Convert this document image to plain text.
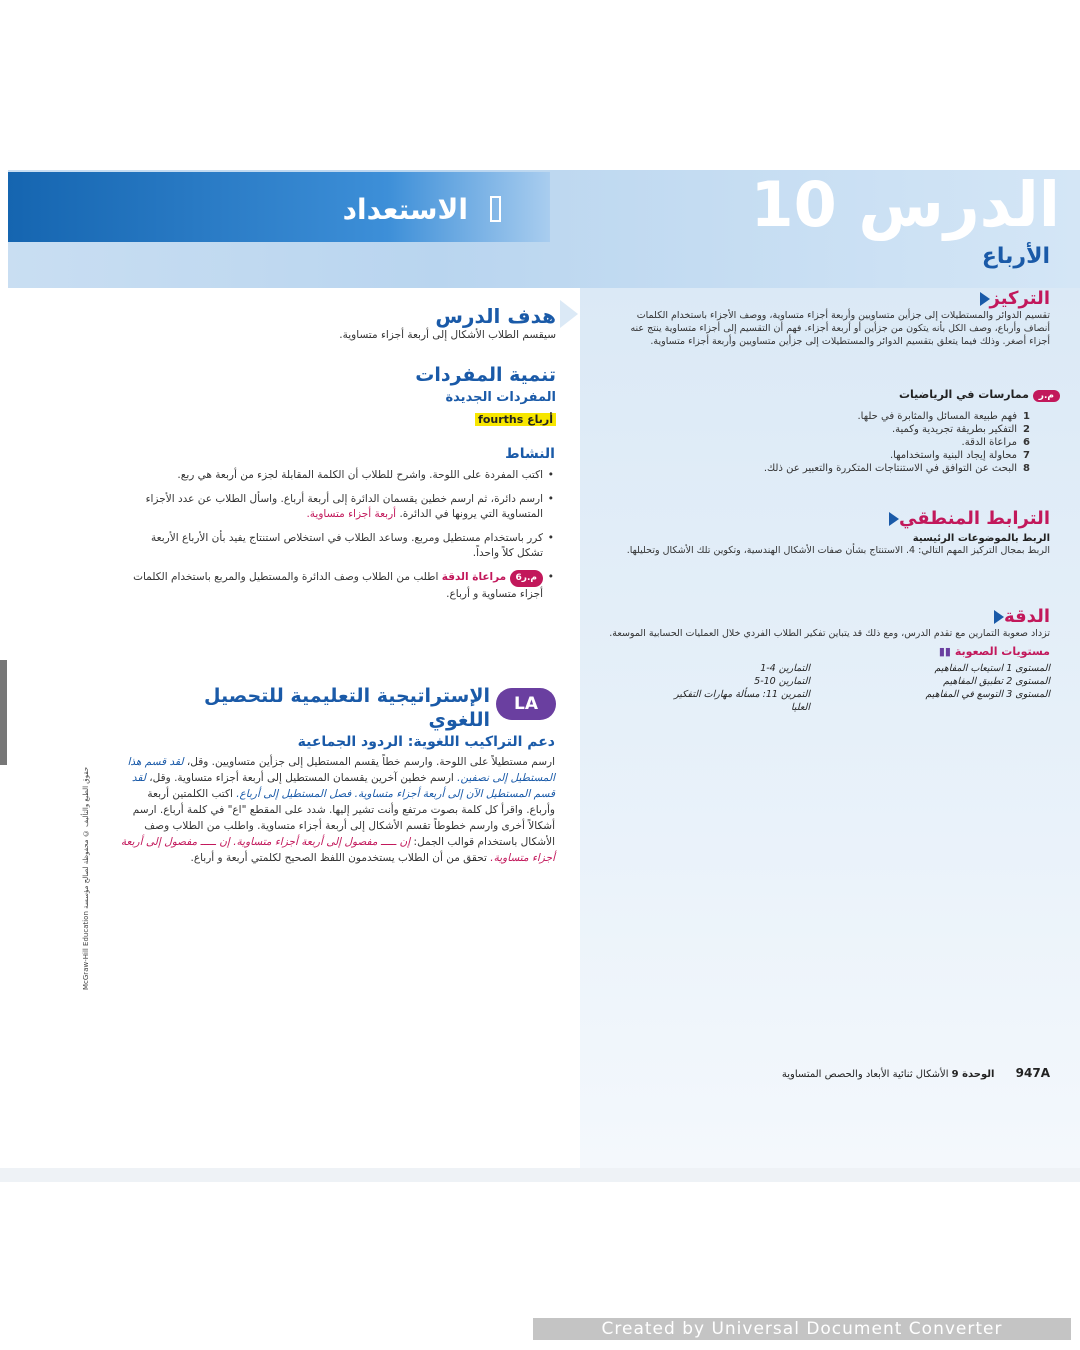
الاستعداد	الدرس 10
الأرباع
هدف الدرس
سيقسم الطلاب الأشكال إلى أربعة أجزاء متساوية.
تنمية المفردات
المفردات الجديدة
أرباع fourths
النشاط
• اكتب المفردة على اللوحة. واشرح للطلاب أن الكلمة المقابلة لجزء من أربعة هي ربع.
• ارسم دائرة، ثم ارسم خطين يقسمان الدائرة إلى أربعة أرباع. واسأل الطلاب عن عدد الأجزاء المتساوية التي يرونها في الدائرة. أربعة أجزاء متساوية.
• كرر باستخدام مستطيل ومربع. وساعد الطلاب في استخلاص استنتاج يفيد بأن الأرباع الأربعة تشكل كلاً واحداً.
• م.ر6 مراعاة الدقة اطلب من الطلاب وصف الدائرة والمستطيل والمربع باستخدام الكلمات أجزاء متساوية و أرباع.
LA
الإستراتيجية التعليمية للتحصيل اللغوي
دعم التراكيب اللغوية: الردود الجماعية
ارسم مستطيلاً على اللوحة. وارسم خطاً يقسم المستطيل إلى جزأين متساويين. وقل، لقد قسم هذا المستطيل إلى نصفين. ارسم خطين آخرين يقسمان المستطيل إلى أربعة أجزاء متساوية. وقل، لقد قسم المستطيل الآن إلى أربعة أجزاء متساوية. فصل المستطيل إلى أرباع. اكتب الكلمتين أربعة وأرباع. واقرأ كل كلمة بصوت مرتفع وأنت تشير إليها. شدد على المقطع "اع" في كلمة أرباع. ارسم أشكالاً أخرى وارسم خطوطاً تقسم الأشكال إلى أربعة أجزاء متساوية. واطلب من الطلاب وصف الأشكال باستخدام قوالب الجمل: إن ـــــ مفصول إلى أربعة أجزاء متساوية. إن ـــــ مفصول إلى أربعة أجزاء متساوية. تحقق من أن الطلاب يستخدمون اللفظ الصحيح لكلمتي أربعة و أرباع.
التركيز
تقسيم الدوائر والمستطيلات إلى جزأين متساويين وأربعة أجزاء متساوية، ووصف الأجزاء باستخدام الكلمات أنصاف وأرباع، وصف الكل بأنه يتكون من جزأين أو أربعة أجزاء. فهم أن التقسيم إلى أجزاء متساوية ينتج عنه أجزاء أصغر. وذلك فيما يتعلق بتقسيم الدوائر والمستطيلات إلى جزأين متساويين وأربعة أجزاء متساوية.
م.ر ممارسات في الرياضيات
1فهم طبيعة المسائل والمثابرة في حلها.
2التفكير بطريقة تجريدية وكمية.
6مراعاة الدقة.
7محاولة إيجاد البنية واستخدامها.
8البحث عن التوافق في الاستنتاجات المتكررة والتعبير عن ذلك.
الترابط المنطقي
الربط بالموضوعات الرئيسية
الربط بمجال التركيز المهم التالي: 4. الاستنتاج بشأن صفات الأشكال الهندسية، وتكوين تلك الأشكال وتحليلها.
الدقة
تزداد صعوبة التمارين مع تقدم الدرس، ومع ذلك قد يتباين تفكير الطلاب الفردي خلال العمليات الحسابية الموسعة.
مستويات الصعوبة ▮▮
المستوى 1 استيعاب المفاهيم
التمارين 4-1
المستوى 2 تطبيق المفاهيم
التمارين 10-5
المستوى 3 التوسع في المفاهيم
التمرين 11: مسألة مهارات التفكير العليا
947A الوحدة 9 الأشكال ثنائية الأبعاد والحصص المتساوية
McGraw-Hill Education حقوق الطبع والتأليف © محفوظة لصالح مؤسسة
Created by Universal Document Converter
